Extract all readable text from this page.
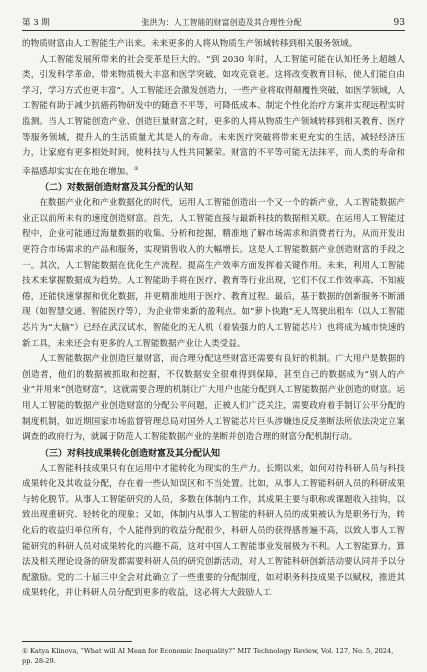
第 3 期	张洪为：人工智能的财富创造及其合理性分配	93

的物质财富由人工智能生产出来。未来更多的人将从物质生产领域转移到相关服务领域。

人工智能发展所带来的社会变革是巨大的。“到 2030 年时，人工智能可能在认知任务上超越人类，引发科学革命，带来物质极大丰富和医学突破，如攻克衰老。这将改变教育目标，使人们能自由学习，学习方式也更丰富”。人工智能还会激发创造力，一些产业将取得颠覆性突破，如医学领域，人工智能有助于减少抗癌药物研发中的随意不平等，可降低成本、制定个性化治疗方案并实现远程实时监测。当人工智能创造产业、创造巨量财富之时，更多的人将从物质生产领域转移到相关教育、医疗等服务领域，提升人的生活质量尤其是人的寿命。未来医疗突破将带来更充实的生活，减轻经济压力，让家庭有更多相处时间，使科技与人性共同繁荣。财富的不平等可能无法抹平，而人类的寿命和幸福感却实实在在地在增加。①

（二）对数据创造财富及其分配的认知

在数据产业化和产业数据化的时代，运用人工智能创造出一个又一个的新产业，人工智能数据产业正以前所未有的速度创造财富。首先，人工智能直接与最新科技的数据相关联。在运用人工智能过程中，企业可能通过海量数据的收集、分析和挖掘，精准地了解市场需求和消费者行为，从而开发出更符合市场需求的产品和服务，实现销售收入的大幅增长。这是人工智能数据产业创造财富的手段之一。其次，人工智能数据在优化生产流程、提高生产效率方面发挥着关键作用。未来，利用人工智能技术来掌握数据成为趋势。人工智能助手将在医疗、教育等行业出现，它们不仅工作效率高、不知疲倦，还能快速掌握和优化数据，并更精准地用于医疗、教育过程。最后，基于数据的创新服务不断涌现（如智慧交通、智能医疗等），为企业带来新的盈利点。如“萝卜快跑”无人驾驶出租车（以人工智能芯片为“大脑”）已经在武汉试水，智能化的无人机（着装强力的人工智能芯片）也将成为城市快速的新工具，未来还会有更多的人工智能数据产业让人类受益。

人工智能数据产业创造巨量财富，而合理分配这些财富还需要有良好的机制。广大用户是数据的创造者，他们的数据被抓取和挖掘，不仅数据安全很难得到保障，甚至自己的数据成为“别人的产业”并用来“创造财富”，这就需要合理的机制让广大用户也能分配到人工智能数据产业创造的财富。运用人工智能的数据产业创造财富的分配公平问题，正被人们广泛关注，需要政府着手制订公平分配的制度机制，如近期国家市场监督管理总局对国外人工智能芯片巨头涉嫌违反反垄断法所依法决定立案调查的政府行为，就属于防范人工智能数据产业的垄断并创造合理的财富分配机制行动。

（三）对科技成果转化创造财富及其分配认知

人工智能科技成果只有在运用中才能转化为现实的生产力。长期以来，如何对待科研人员与科技成果转化及其收益分配，存在着一些认知误区和不当处置。比如，从事人工智能科研人员的科研成果与转化脱节。从事人工智能研究的人员，多数在体制内工作，其成果主要与职称或课题收入挂钩，以致出现重研究、轻转化的现象；又如，体制内从事人工智能的科研人员的成果被认为是职务行为，转化后的收益归单位所有，个人能得到的收益分配很少，科研人员的获得感普遍不高，以致人事人工智能研究的科研人员对成果转化的兴趣不高，这对中国人工智能事业发展极为不利。人工智能算力、算法及相关理论设备的研发都需要科研人员的研究创新活动，对人工智能科研创新活动要认同并予以分配激励。党的二十届三中全会对此确立了一些重要的分配制度，如对职务科技成果予以赋权，推进其成果转化，并让科研人员分配到更多的收益，这必将大大鼓励人工

① Katya Klinova, “What will AI Mean for Economic Inequality?” MIT Technology Review, Vol. 127, No. 5, 2024, pp. 28-29.
